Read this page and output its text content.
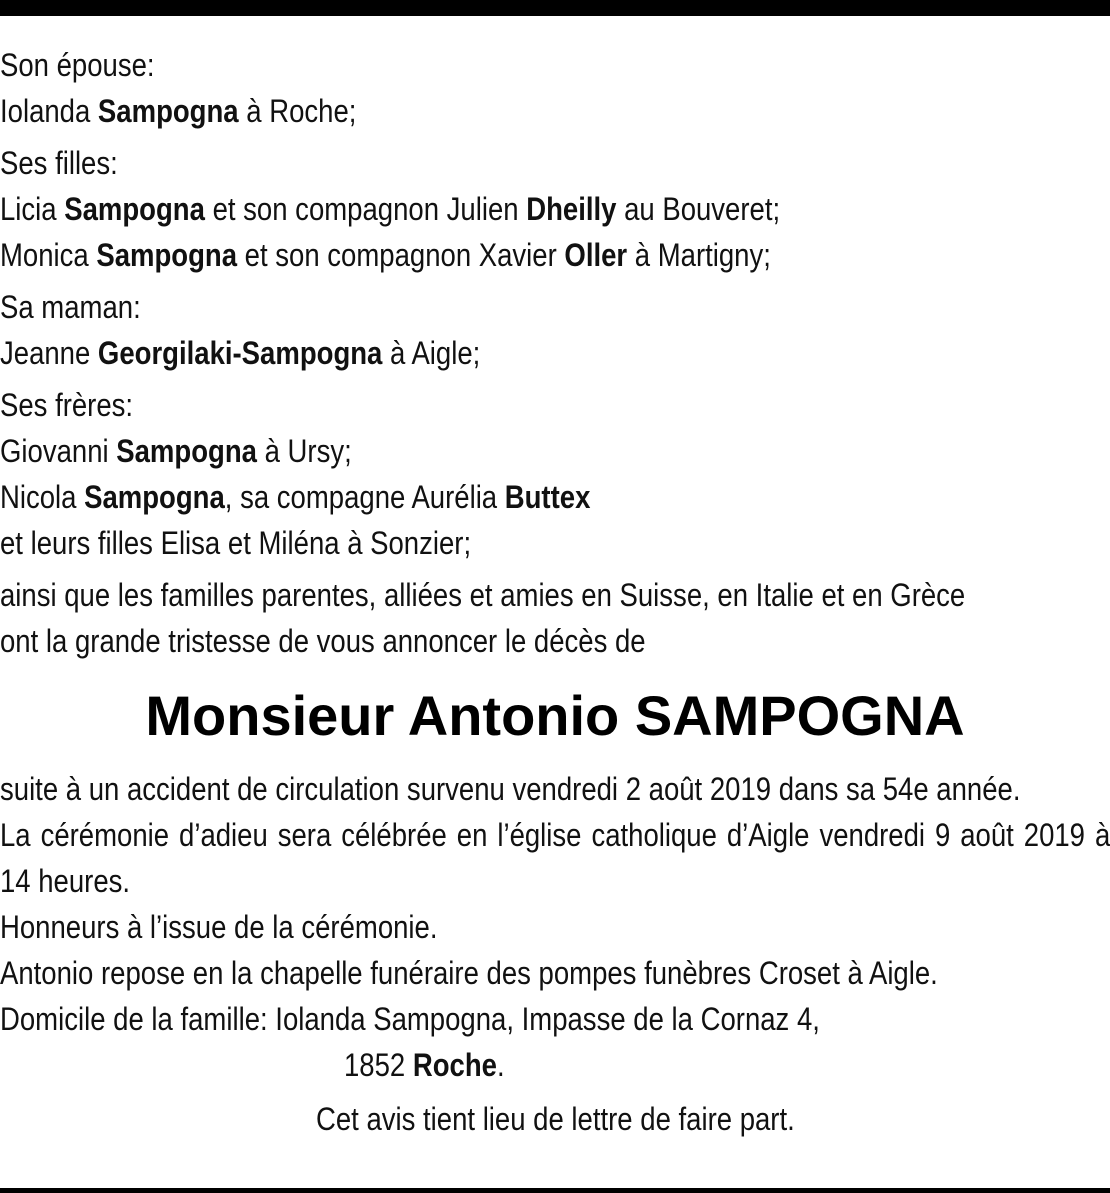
Son épouse:

Iolanda Sampogna à Roche;

Ses filles:

Licia Sampogna et son compagnon Julien Dheilly au Bouveret;

Monica Sampogna et son compagnon Xavier Oller à Martigny;

Sa maman:

Jeanne Georgilaki-Sampogna à Aigle;

Ses frères:

Giovanni Sampogna à Ursy;

Nicola Sampogna, sa compagne Aurélia Buttex

et leurs filles Elisa et Miléna à Sonzier;

ainsi que les familles parentes, alliées et amies en Suisse, en Italie et en Grèce

ont la grande tristesse de vous annoncer le décès de

Monsieur Antonio SAMPOGNA

suite à un accident de circulation survenu vendredi 2 août 2019 dans sa 54e année.

La cérémonie d’adieu sera célébrée en l’église catholique d’Aigle vendredi 9 août 2019 à 14 heures.

Honneurs à l’issue de la cérémonie.

Antonio repose en la chapelle funéraire des pompes funèbres Croset à Aigle.

Domicile de la famille: Iolanda Sampogna, Impasse de la Cornaz 4,

1852 Roche.

Cet avis tient lieu de lettre de faire part.
